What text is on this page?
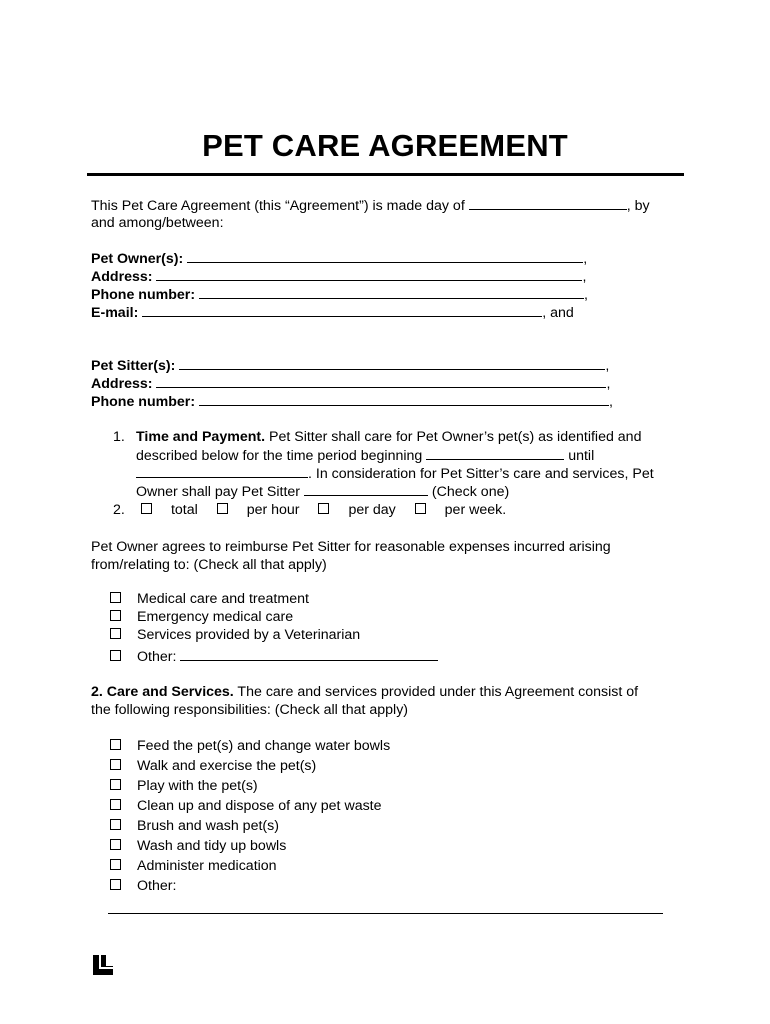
PET CARE AGREEMENT
This Pet Care Agreement (this “Agreement”) is made day of	, by
and among/between:
Pet Owner(s):	,
Address:	,
Phone number:	,
E-mail:	, and
Pet Sitter(s):	,
Address:	,
Phone number:	,
1. Time and Payment. Pet Sitter shall care for Pet Owner’s pet(s) as identified and
described below for the time period beginning	until
. In consideration for Pet Sitter’s care and services, Pet
Owner shall pay Pet Sitter	(Check one)
2.	total	per hour	per day	per week.
Pet Owner agrees to reimburse Pet Sitter for reasonable expenses incurred arising
from/relating to: (Check all that apply)
Medical care and treatment
Emergency medical care
Services provided by a Veterinarian
Other:
2. Care and Services. The care and services provided under this Agreement consist of
the following responsibilities: (Check all that apply)
Feed the pet(s) and change water bowls
Walk and exercise the pet(s)
Play with the pet(s)
Clean up and dispose of any pet waste
Brush and wash pet(s)
Wash and tidy up bowls
Administer medication
Other:
